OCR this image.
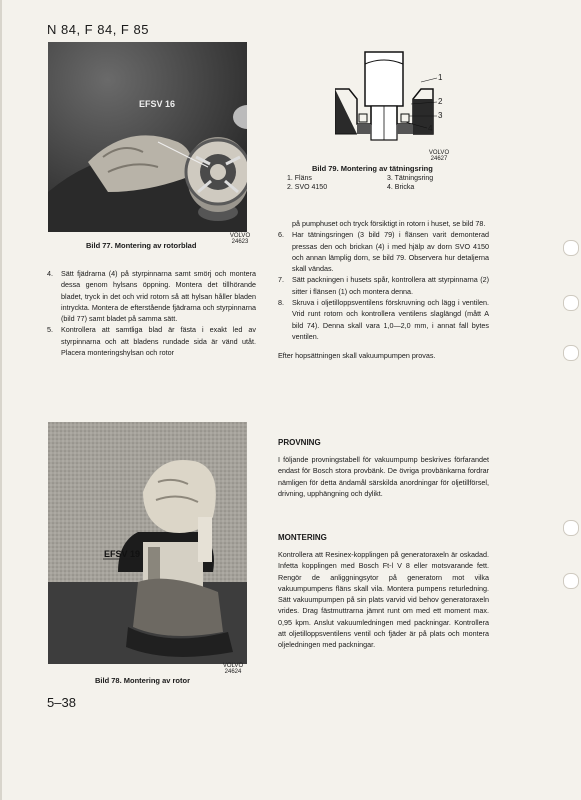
N 84, F 84, F 85
EFSV 16
VOLVO
24623
Bild 77. Montering av rotorblad
4. Sätt fjädrarna (4) på styrpinnarna samt smörj och montera dessa genom hylsans öppning. Montera det tillhörande bladet, tryck in det och vrid rotorn så att hylsan håller bladen intryckta. Montera de efterstående fjädrarna och styrpinnarna (bild 77) samt bladet på samma sätt.
5. Kontrollera att samtliga blad är fästa i exakt led av styrpinnarna och att bladens rundade sida är vänd utåt. Placera monteringshylsan och rotor
EFSV 19
VOLVO
24624
Bild 78. Montering av rotor
1
2
3
4
VOLVO
24627
Bild 79. Montering av tätningsring
1. Fläns	3. Tätningsring
2. SVO 4150	4. Bricka
på pumphuset och tryck försiktigt in rotorn i huset, se bild 78.
6. Har tätningsringen (3 bild 79) i flänsen varit demonterad pressas den och brickan (4) i med hjälp av dorn SVO 4150 och annan lämplig dorn, se bild 79. Observera hur detaljerna skall vändas.
7. Sätt packningen i husets spår, kontrollera att styrpinnarna (2) sitter i flänsen (1) och montera denna.
8. Skruva i oljetilloppsventilens förskruvning och lägg i ventilen. Vrid runt rotorn och kontrollera ventilens slaglängd (mått A bild 74). Denna skall vara 1,0—2,0 mm, i annat fall bytes ventilen.
Efter hopsättningen skall vakuumpumpen provas.
PROVNING
I följande provningstabell för vakuumpump beskrives förfarandet endast för Bosch stora provbänk. De övriga provbänkarna fordrar nämligen för detta ändamål särskilda anordningar för oljetillförsel, drivning, upphängning och dylikt.
MONTERING
Kontrollera att Resinex-kopplingen på generatoraxeln är oskadad. Infetta kopplingen med Bosch Ft-l V 8 eller motsvarande fett. Rengör de anliggningsytor på generatorn mot vilka vakuumpumpens fläns skall vila. Montera pumpens returledning. Sätt vakuumpumpen på sin plats varvid vid behov generatoraxeln vrides. Drag fästmuttrarna jämnt runt om med ett moment max. 0,95 kpm. Anslut vakuumledningen med packningar. Kontrollera att oljetilloppsventilens ventil och fjäder är på plats och montera oljeledningen med packningar.
5–38
